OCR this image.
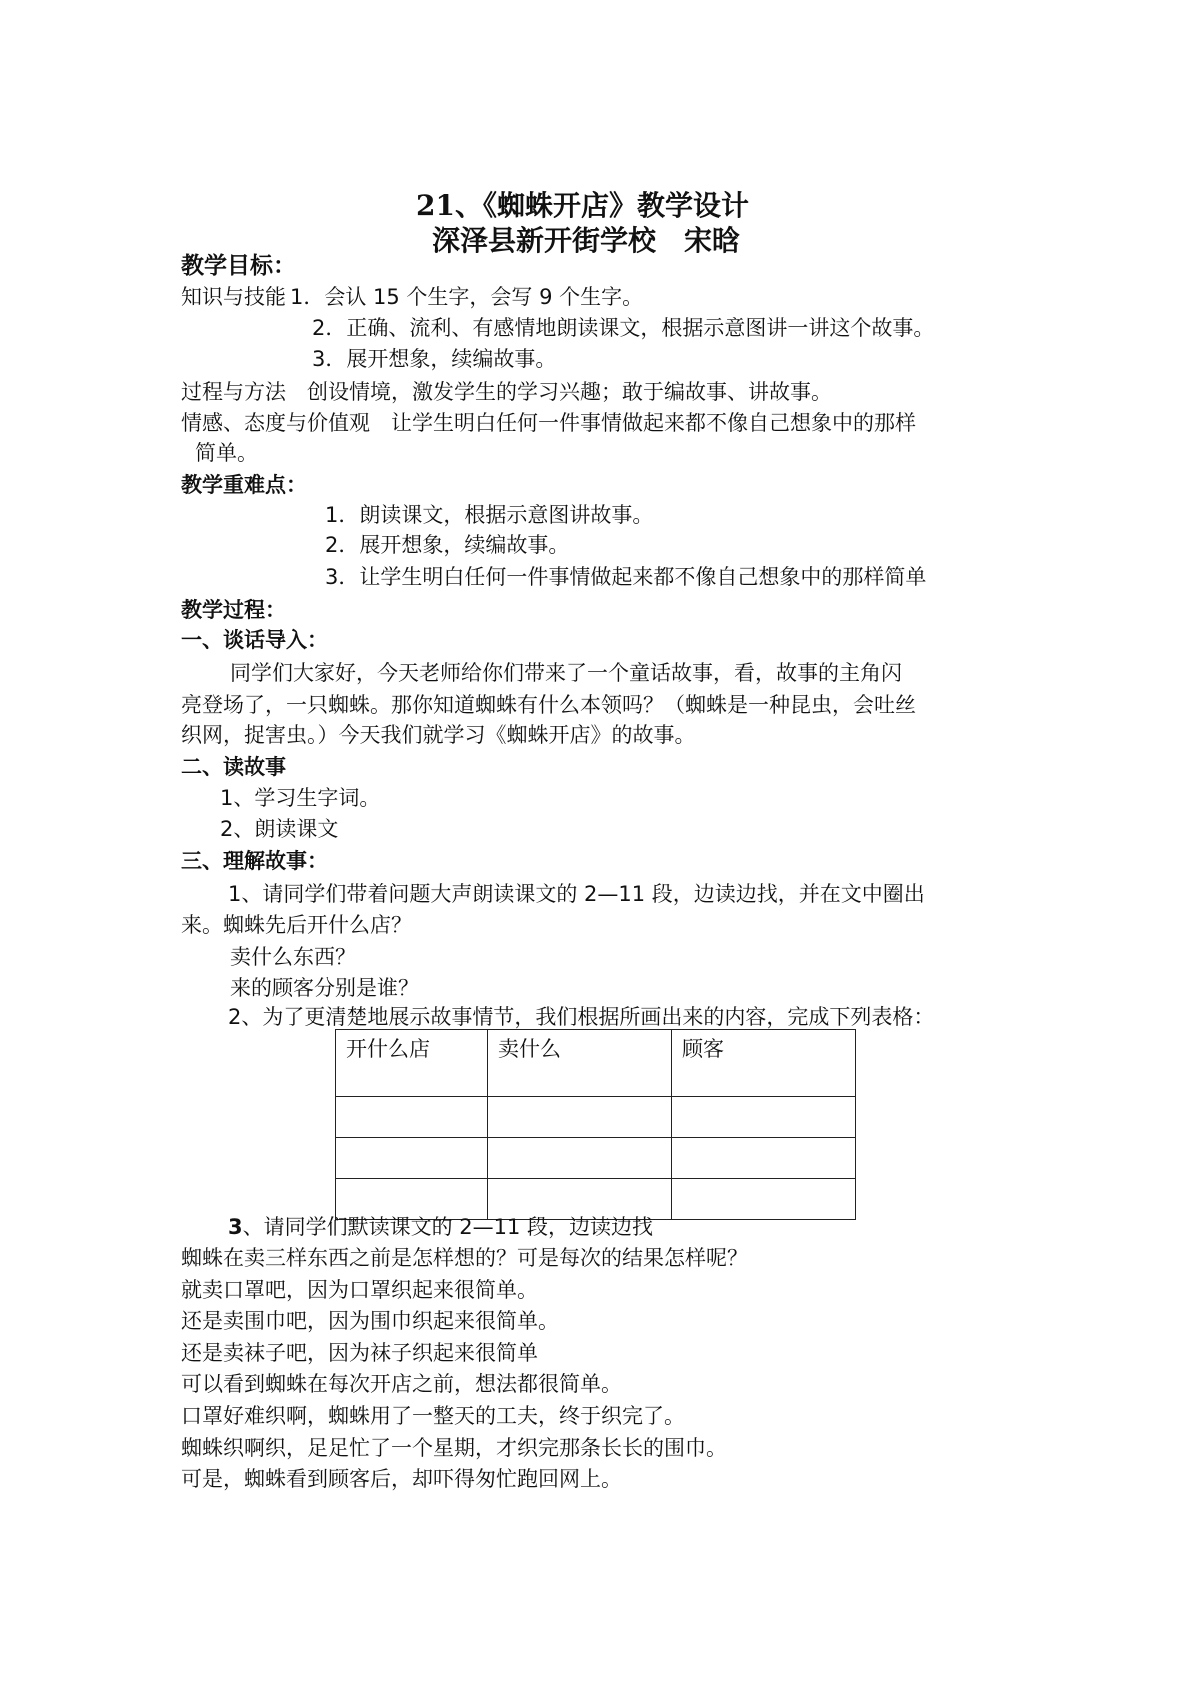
21、《蜘蛛开店》教学设计
深泽县新开街学校　宋晗
教学目标：
知识与技能 1．会认 15 个生字，会写 9 个生字。
2．正确、流利、有感情地朗读课文，根据示意图讲一讲这个故事。
3．展开想象，续编故事。
过程与方法　创设情境，激发学生的学习兴趣；敢于编故事、讲故事。
情感、态度与价值观　让学生明白任何一件事情做起来都不像自己想象中的那样
简单。
教学重难点：
1．朗读课文，根据示意图讲故事。
2．展开想象，续编故事。
3．让学生明白任何一件事情做起来都不像自己想象中的那样简单
教学过程：
一、谈话导入：
同学们大家好，今天老师给你们带来了一个童话故事，看，故事的主角闪
亮登场了，一只蜘蛛。那你知道蜘蛛有什么本领吗？（蜘蛛是一种昆虫，会吐丝
织网，捉害虫。）今天我们就学习《蜘蛛开店》的故事。
二、读故事
1、学习生字词。
2、朗读课文
三、理解故事：
1、请同学们带着问题大声朗读课文的 2—11 段，边读边找，并在文中圈出
来。蜘蛛先后开什么店？
卖什么东西？
来的顾客分别是谁？
2、为了更清楚地展示故事情节，我们根据所画出来的内容，完成下列表格：
开什么店	卖什么	顾客

3、请同学们默读课文的 2—11 段，边读边找
蜘蛛在卖三样东西之前是怎样想的？可是每次的结果怎样呢？
就卖口罩吧，因为口罩织起来很简单。
还是卖围巾吧，因为围巾织起来很简单。
还是卖袜子吧，因为袜子织起来很简单
可以看到蜘蛛在每次开店之前，想法都很简单。
口罩好难织啊，蜘蛛用了一整天的工夫，终于织完了。
蜘蛛织啊织，足足忙了一个星期，才织完那条长长的围巾。
可是，蜘蛛看到顾客后，却吓得匆忙跑回网上。
